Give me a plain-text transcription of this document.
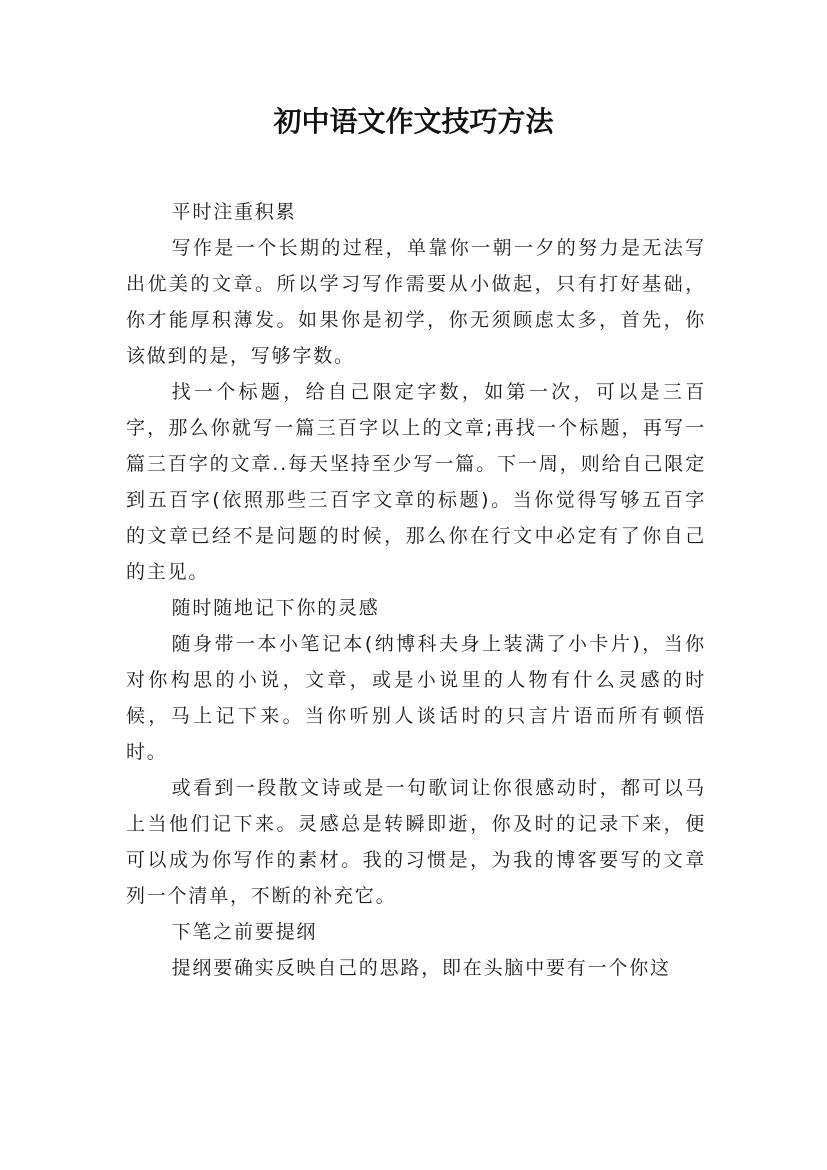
初中语文作文技巧方法

平时注重积累

写作是一个长期的过程，单靠你一朝一夕的努力是无法写出优美的文章。所以学习写作需要从小做起，只有打好基础，你才能厚积薄发。如果你是初学，你无须顾虑太多，首先，你该做到的是，写够字数。

找一个标题，给自己限定字数，如第一次，可以是三百字，那么你就写一篇三百字以上的文章;再找一个标题，再写一篇三百字的文章..每天坚持至少写一篇。下一周，则给自己限定到五百字(依照那些三百字文章的标题)。当你觉得写够五百字的文章已经不是问题的时候，那么你在行文中必定有了你自己的主见。

随时随地记下你的灵感

随身带一本小笔记本(纳博科夫身上装满了小卡片)，当你对你构思的小说，文章，或是小说里的人物有什么灵感的时候，马上记下来。当你听别人谈话时的只言片语而所有顿悟时。

或看到一段散文诗或是一句歌词让你很感动时，都可以马上当他们记下来。灵感总是转瞬即逝，你及时的记录下来，便可以成为你写作的素材。我的习惯是，为我的博客要写的文章列一个清单，不断的补充它。

下笔之前要提纲

提纲要确实反映自己的思路，即在头脑中要有一个你这
